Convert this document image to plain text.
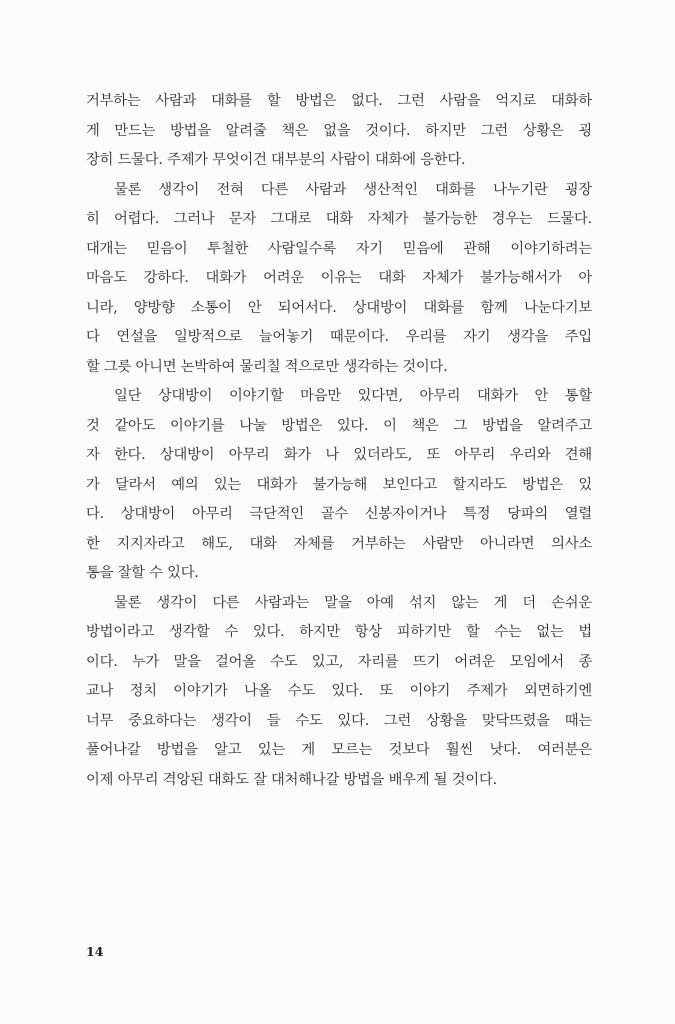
거부하는 사람과 대화를 할 방법은 없다. 그런 사람을 억지로 대화하
게 만드는 방법을 알려줄 책은 없을 것이다. 하지만 그런 상황은 굉
장히 드물다. 주제가 무엇이건 대부분의 사람이 대화에 응한다.
물론 생각이 전혀 다른 사람과 생산적인 대화를 나누기란 굉장
히 어렵다. 그러나 문자 그대로 대화 자체가 불가능한 경우는 드물다.
대개는 믿음이 투철한 사람일수록 자기 믿음에 관해 이야기하려는
마음도 강하다. 대화가 어려운 이유는 대화 자체가 불가능해서가 아
니라, 양방향 소통이 안 되어서다. 상대방이 대화를 함께 나눈다기보
다 연설을 일방적으로 늘어놓기 때문이다. 우리를 자기 생각을 주입
할 그릇 아니면 논박하여 물리칠 적으로만 생각하는 것이다.
일단 상대방이 이야기할 마음만 있다면, 아무리 대화가 안 통할
것 같아도 이야기를 나눌 방법은 있다. 이 책은 그 방법을 알려주고
자 한다. 상대방이 아무리 화가 나 있더라도, 또 아무리 우리와 견해
가 달라서 예의 있는 대화가 불가능해 보인다고 할지라도 방법은 있
다. 상대방이 아무리 극단적인 골수 신봉자이거나 특정 당파의 열렬
한 지지자라고 해도, 대화 자체를 거부하는 사람만 아니라면 의사소
통을 잘할 수 있다.
물론 생각이 다른 사람과는 말을 아예 섞지 않는 게 더 손쉬운
방법이라고 생각할 수 있다. 하지만 항상 피하기만 할 수는 없는 법
이다. 누가 말을 걸어올 수도 있고, 자리를 뜨기 어려운 모임에서 종
교나 정치 이야기가 나올 수도 있다. 또 이야기 주제가 외면하기엔
너무 중요하다는 생각이 들 수도 있다. 그런 상황을 맞닥뜨렸을 때는
풀어나갈 방법을 알고 있는 게 모르는 것보다 훨씬 낫다. 여러분은
이제 아무리 격앙된 대화도 잘 대처해나갈 방법을 배우게 될 것이다.
14
